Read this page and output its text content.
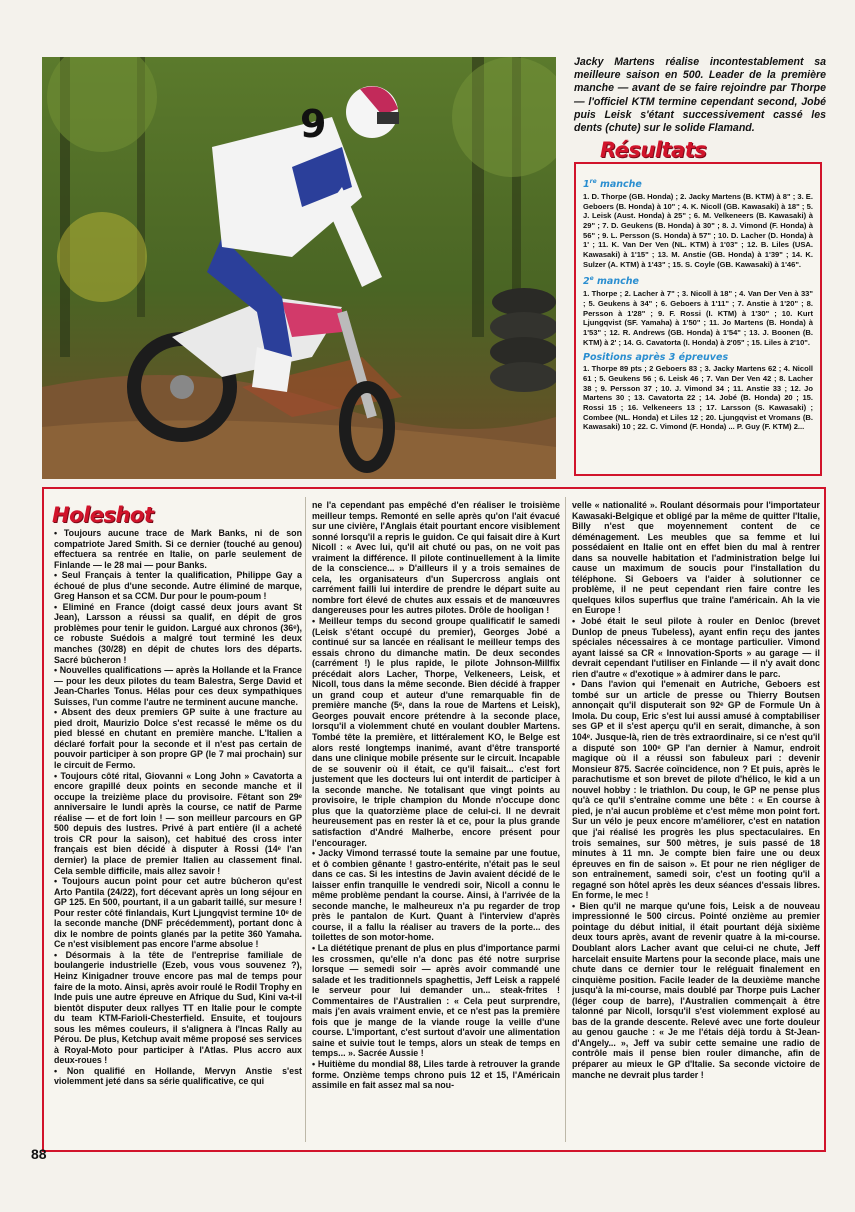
9
Jacky Martens réalise incontestablement sa meilleure saison en 500. Leader de la première manche — avant de se faire rejoindre par Thorpe — l'officiel KTM termine cependant second, Jobé puis Leisk s'étant successivement cassé les dents (chute) sur le solide Flamand.
Résultats
1re manche

1. D. Thorpe (GB. Honda) ; 2. Jacky Martens (B. KTM) à 8" ; 3. E. Geboers (B. Honda) à 10" ; 4. K. Nicoll (GB. Kawasaki) à 18" ; 5. J. Leisk (Aust. Honda) à 25" ; 6. M. Velkeneers (B. Kawasaki) à 29" ; 7. D. Geukens (B. Honda) à 30" ; 8. J. Vimond (F. Honda) à 56" ; 9. L. Persson (S. Honda) à 57" ; 10. D. Lacher (D. Honda) à 1' ; 11. K. Van Der Ven (NL. KTM) à 1'03" ; 12. B. Liles (USA. Kawasaki) à 1'15" ; 13. M. Anstie (GB. Honda) à 1'39" ; 14. K. Sulzer (A. KTM) à 1'43" ; 15. S. Coyle (GB. Kawasaki) à 1'46".

2e manche

1. Thorpe ; 2. Lacher à 7" ; 3. Nicoll à 18" ; 4. Van Der Ven à 33" ; 5. Geukens à 34" ; 6. Geboers à 1'11" ; 7. Anstie à 1'20" ; 8. Persson à 1'28" ; 9. F. Rossi (I. KTM) à 1'30" ; 10. Kurt Ljungqvist (SF. Yamaha) à 1'50" ; 11. Jo Martens (B. Honda) à 1'53" ; 12. R. Andrews (GB. Honda) à 1'54" ; 13. J. Boonen (B. KTM) à 2' ; 14. G. Cavatorta (I. Honda) à 2'05" ; 15. Liles à 2'10".

Positions après 3 épreuves

1. Thorpe 89 pts ; 2 Geboers 83 ; 3. Jacky Martens 62 ; 4. Nicoll 61 ; 5. Geukens 56 ; 6. Leisk 46 ; 7. Van Der Ven 42 ; 8. Lacher 38 ; 9. Persson 37 ; 10. J. Vimond 34 ; 11. Anstie 33 ; 12. Jo Martens 30 ; 13. Cavatorta 22 ; 14. Jobé (B. Honda) 20 ; 15. Rossi 15 ; 16. Velkeneers 13 ; 17. Larsson (S. Kawasaki) ; Combee (NL. Honda) et Liles 12 ; 20. Ljungqvist et Vromans (B. Kawasaki) 10 ; 22. C. Vimond (F. Honda) ... P. Guy (F. KTM) 2...

Holeshot

• Toujours aucune trace de Mark Banks, ni de son compatriote Jared Smith. Si ce dernier (touché au genou) effectuera sa rentrée en Italie, on parle seulement de Finlande — le 28 mai — pour Banks.

• Seul Français à tenter la qualification, Philippe Gay a échoué de plus d'une seconde. Autre éliminé de marque, Greg Hanson et sa CCM. Dur pour le poum-poum !

• Eliminé en France (doigt cassé deux jours avant St Jean), Larsson a réussi sa qualif, en dépit de gros problèmes pour tenir le guidon. Largué aux chronos (36ᵉ), ce robuste Suédois a malgré tout terminé les deux manches (30/28) en dépit de chutes lors des départs. Sacré bûcheron !

• Nouvelles qualifications — après la Hollande et la France — pour les deux pilotes du team Balestra, Serge David et Jean-Charles Tonus. Hélas pour ces deux sympathiques Suisses, l'un comme l'autre ne terminent aucune manche.

• Absent des deux premiers GP suite à une fracture au pied droit, Maurizio Dolce s'est recassé le même os du pied blessé en chutant en première manche. L'Italien a déclaré forfait pour la seconde et il n'est pas certain de pouvoir participer à son propre GP (le 7 mai prochain) sur le circuit de Fermo.

• Toujours côté rital, Giovanni « Long John » Cavatorta a encore grapillé deux points en seconde manche et il occupe la treizième place du provisoire. Fêtant son 29ᵉ anniversaire le lundi après la course, ce natif de Parme réalise — et de fort loin ! — son meilleur parcours en GP 500 depuis des lustres. Privé à part entière (il a acheté trois CR pour la saison), cet habitué des cross inter français est bien décidé à disputer à Rossi (14ᵉ l'an dernier) la place de premier Italien au classement final. Cela semble difficile, mais allez savoir !

• Toujours aucun point pour cet autre bûcheron qu'est Arto Pantila (24/22), fort décevant après un long séjour en GP 125. En 500, pourtant, il a un gabarit taillé, sur mesure ! Pour rester côté finlandais, Kurt Ljungqvist termine 10ᵉ de la seconde manche (DNF précédemment), portant donc à dix le nombre de points glanés par la petite 360 Yamaha. Ce n'est visiblement pas encore l'arme absolue !

• Désormais à la tête de l'entreprise familiale de boulangerie industrielle (Ezeb, vous vous souvenez ?), Heinz Kinigadner trouve encore pas mal de temps pour faire de la moto. Ainsi, après avoir roulé le Rodil Trophy en Inde puis une autre épreuve en Afrique du Sud, Kini va-t-il bientôt disputer deux rallyes TT en Italie pour le compte du team KTM-Farioli-Chesterfield. Ensuite, et toujours sous les mêmes couleurs, il s'alignera à l'Incas Rally au Pérou. De plus, Ketchup avait même proposé ses services à Royal-Moto pour participer à l'Atlas. Plus accro aux deux-roues !

• Non qualifié en Hollande, Mervyn Anstie s'est violemment jeté dans sa série qualificative, ce qui

ne l'a cependant pas empêché d'en réaliser le troisième meilleur temps. Remonté en selle après qu'on l'ait évacué sur une civière, l'Anglais était pourtant encore visiblement sonné lorsqu'il a repris le guidon. Ce qui faisait dire à Kurt Nicoll : « Avec lui, qu'il ait chuté ou pas, on ne voit pas vraiment la différence. Il pilote continuellement à la limite de la conscience... » D'ailleurs il y a trois semaines de cela, les organisateurs d'un Supercross anglais ont carrément failli lui interdire de prendre le départ suite au nombre fort élevé de chutes aux essais et de manœuvres dangereuses pour les autres pilotes. Drôle de hooligan !

• Meilleur temps du second groupe qualificatif le samedi (Leisk s'étant occupé du premier), Georges Jobé a continué sur sa lancée en réalisant le meilleur temps des essais chrono du dimanche matin. De deux secondes (carrément !) le plus rapide, le pilote Johnson-Millfix précédait alors Lacher, Thorpe, Velkeneers, Leisk, et Nicoll, tous dans la même seconde. Bien décidé à frapper un grand coup et auteur d'une remarquable fin de première manche (5ᵉ, dans la roue de Martens et Leisk), Georges pouvait encore prétendre à la seconde place, lorsqu'il a violemment chuté en voulant doubler Martens. Tombé tête la première, et littéralement KO, le Belge est alors resté longtemps inanimé, avant d'être transporté dans une clinique mobile présente sur le circuit. Incapable de se souvenir où il était, ce qu'il faisait... c'est fort justement que les docteurs lui ont interdit de participer à la seconde manche. Ne totalisant que vingt points au provisoire, le triple champion du Monde n'occupe donc plus que la quatorzième place de celui-ci. Il ne devrait heureusement pas en rester là et ce, pour la plus grande satisfaction d'André Malherbe, encore présent pour l'encourager.

• Jacky Vimond terrassé toute la semaine par une foutue, et ô combien gênante ! gastro-entérite, n'était pas le seul dans ce cas. Si les intestins de Javin avaient décidé de le laisser enfin tranquille le vendredi soir, Nicoll a connu le même problème pendant la course. Ainsi, à l'arrivée de la seconde manche, le malheureux n'a pu regarder de trop près le pantalon de Kurt. Quant à l'interview d'après course, il a fallu la réaliser au travers de la porte... des toilettes de son motor-home.

• La diététique prenant de plus en plus d'importance parmi les crossmen, qu'elle n'a donc pas été notre surprise lorsque — semedi soir — après avoir commandé une salade et les traditionnels spaghettis, Jeff Leisk a rappelé le serveur pour lui demander un... steak-frites ! Commentaires de l'Australien : « Cela peut surprendre, mais j'en avais vraiment envie, et ce n'est pas la première fois que je mange de la viande rouge la veille d'une course. L'important, c'est surtout d'avoir une alimentation saine et suivie tout le temps, alors un steak de temps en temps... ». Sacrée Aussie !

• Huitième du mondial 88, Liles tarde à retrouver la grande forme. Onzième temps chrono puis 12 et 15, l'Américain assimile en fait assez mal sa nou-

velle « nationalité ». Roulant désormais pour l'importateur Kawasaki-Belgique et obligé par la même de quitter l'Italie, Billy n'est que moyennement content de ce déménagement. Les meubles que sa femme et lui possédaient en Italie ont en effet bien du mal à rentrer dans sa nouvelle habitation et l'administration belge lui cause un maximum de soucis pour l'installation du téléphone. Si Geboers va l'aider à solutionner ce problème, il ne peut cependant rien faire contre les quelques kilos superflus que traîne l'américain. Ah la vie en Europe !

• Jobé était le seul pilote à rouler en Denloc (brevet Dunlop de pneus Tubeless), ayant enfin reçu des jantes spéciales nécessaires à ce montage particulier. Vimond ayant laissé sa CR « Innovation-Sports » au garage — il devrait cependant l'utiliser en Finlande — il n'y avait donc rien d'autre « d'exotique » à admirer dans le parc.

• Dans l'avion qui l'emenait en Autriche, Geboers est tombé sur un article de presse ou Thierry Boutsen annonçait qu'il disputerait son 92ᵉ GP de Formule Un à Imola. Du coup, Eric s'est lui aussi amusé à comptabiliser ses GP et il s'est aperçu qu'il en serait, dimanche, à son 104ᵉ. Jusque-là, rien de très extraordinaire, si ce n'est qu'il a disputé son 100ᵉ GP l'an dernier à Namur, endroit magique où il a réussi son fabuleux pari : devenir Monsieur 875. Sacrée coïncidence, non ? Et puis, après le parachutisme et son brevet de pilote d'hélico, le kid a un nouvel hobby : le triathlon. Du coup, le GP ne pense plus qu'à ce qu'il s'entraîne comme une bête : « En course à pied, je n'ai aucun problème et c'est même mon point fort. Sur un vélo je peux encore m'améliorer, c'est en natation que j'ai réalisé les progrès les plus spectaculaires. En trois semaines, sur 500 mètres, je suis passé de 18 minutes à 11 mn. Je compte bien faire une ou deux épreuves en fin de saison ». Et pour ne rien négliger de son entraînement, samedi soir, c'est un footing qu'il a regagné son hôtel après les deux séances d'essais libres. En forme, le mec !

• Bien qu'il ne marque qu'une fois, Leisk a de nouveau impressionné le 500 circus. Pointé onzième au premier pointage du début initial, il était pourtant déjà sixième deux tours après, avant de revenir quatre à la mi-course. Doublant alors Lacher avant que celui-ci ne chute, Jeff harcelait ensuite Martens pour la seconde place, mais une chute dans ce dernier tour le reléguait finalement en cinquième position. Facile leader de la deuxième manche jusqu'à la mi-course, mais doublé par Thorpe puis Lacher (léger coup de barre), l'Australien commençait à être talonné par Nicoll, lorsqu'il s'est violemment explosé au bas de la grande descente. Relevé avec une forte douleur au genou gauche : « Je me l'étais déjà tordu à St-Jean-d'Angely... », Jeff va subir cette semaine une radio de contrôle mais il pense bien rouler dimanche, afin de préparer au mieux le GP d'Italie. Sa seconde victoire de manche ne devrait plus tarder !

88
